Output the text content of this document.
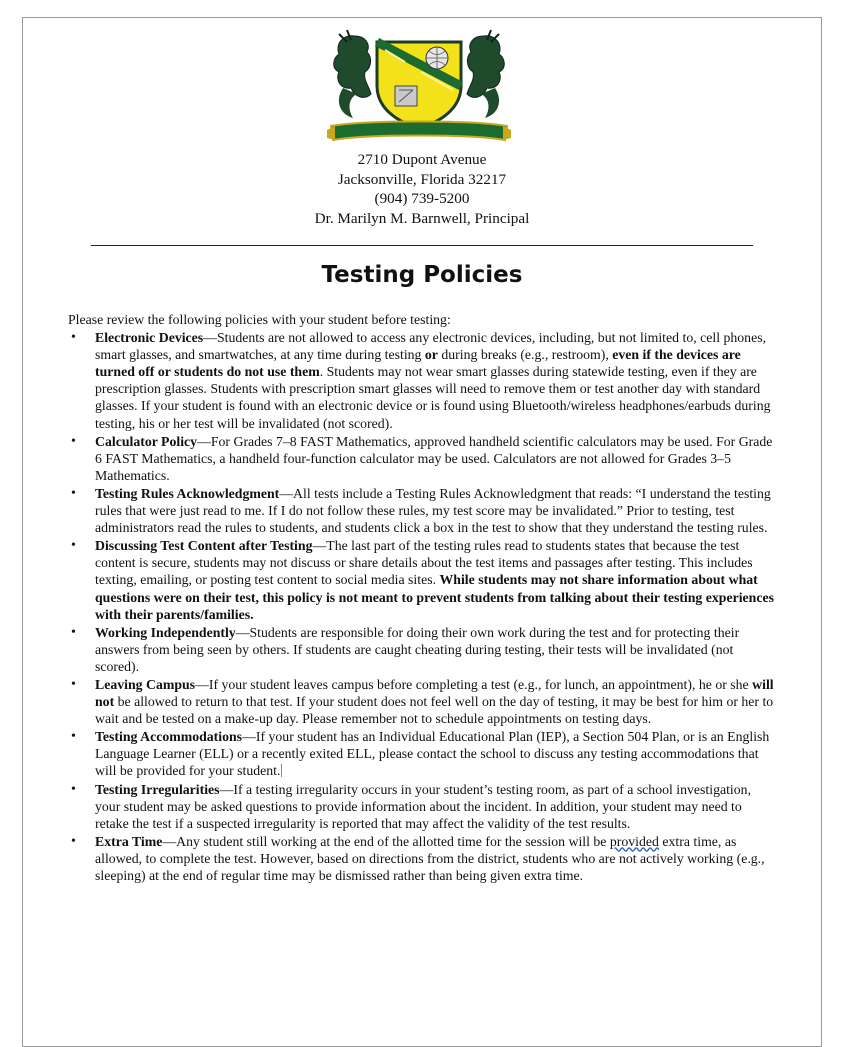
2710 Dupont Avenue
Jacksonville, Florida 32217
(904) 739-5200
Dr. Marilyn M. Barnwell, Principal
Testing Policies

Please review the following policies with your student before testing:

• Electronic Devices—Students are not allowed to access any electronic devices, including, but not limited to, cell phones, smart glasses, and smartwatches, at any time during testing or during breaks (e.g., restroom), even if the devices are turned off or students do not use them. Students may not wear smart glasses during statewide testing, even if they are prescription glasses. Students with prescription smart glasses will need to remove them or test another day with standard glasses. If your student is found with an electronic device or is found using Bluetooth/wireless headphones/earbuds during testing, his or her test will be invalidated (not scored).
• Calculator Policy—For Grades 7–8 FAST Mathematics, approved handheld scientific calculators may be used. For Grade 6 FAST Mathematics, a handheld four-function calculator may be used. Calculators are not allowed for Grades 3–5 Mathematics.
• Testing Rules Acknowledgment—All tests include a Testing Rules Acknowledgment that reads: “I understand the testing rules that were just read to me. If I do not follow these rules, my test score may be invalidated.” Prior to testing, test administrators read the rules to students, and students click a box in the test to show that they understand the testing rules.
• Discussing Test Content after Testing—The last part of the testing rules read to students states that because the test content is secure, students may not discuss or share details about the test items and passages after testing. This includes texting, emailing, or posting test content to social media sites. While students may not share information about what questions were on their test, this policy is not meant to prevent students from talking about their testing experiences with their parents/families.
• Working Independently—Students are responsible for doing their own work during the test and for protecting their answers from being seen by others. If students are caught cheating during testing, their tests will be invalidated (not scored).
• Leaving Campus—If your student leaves campus before completing a test (e.g., for lunch, an appointment), he or she will not be allowed to return to that test. If your student does not feel well on the day of testing, it may be best for him or her to wait and be tested on a make-up day. Please remember not to schedule appointments on testing days.
• Testing Accommodations—If your student has an Individual Educational Plan (IEP), a Section 504 Plan, or is an English Language Learner (ELL) or a recently exited ELL, please contact the school to discuss any testing accommodations that will be provided for your student.
• Testing Irregularities—If a testing irregularity occurs in your student’s testing room, as part of a school investigation, your student may be asked questions to provide information about the incident. In addition, your student may need to retake the test if a suspected irregularity is reported that may affect the validity of the test results.
• Extra Time—Any student still working at the end of the allotted time for the session will be provided extra time, as allowed, to complete the test. However, based on directions from the district, students who are not actively working (e.g., sleeping) at the end of regular time may be dismissed rather than being given extra time.
